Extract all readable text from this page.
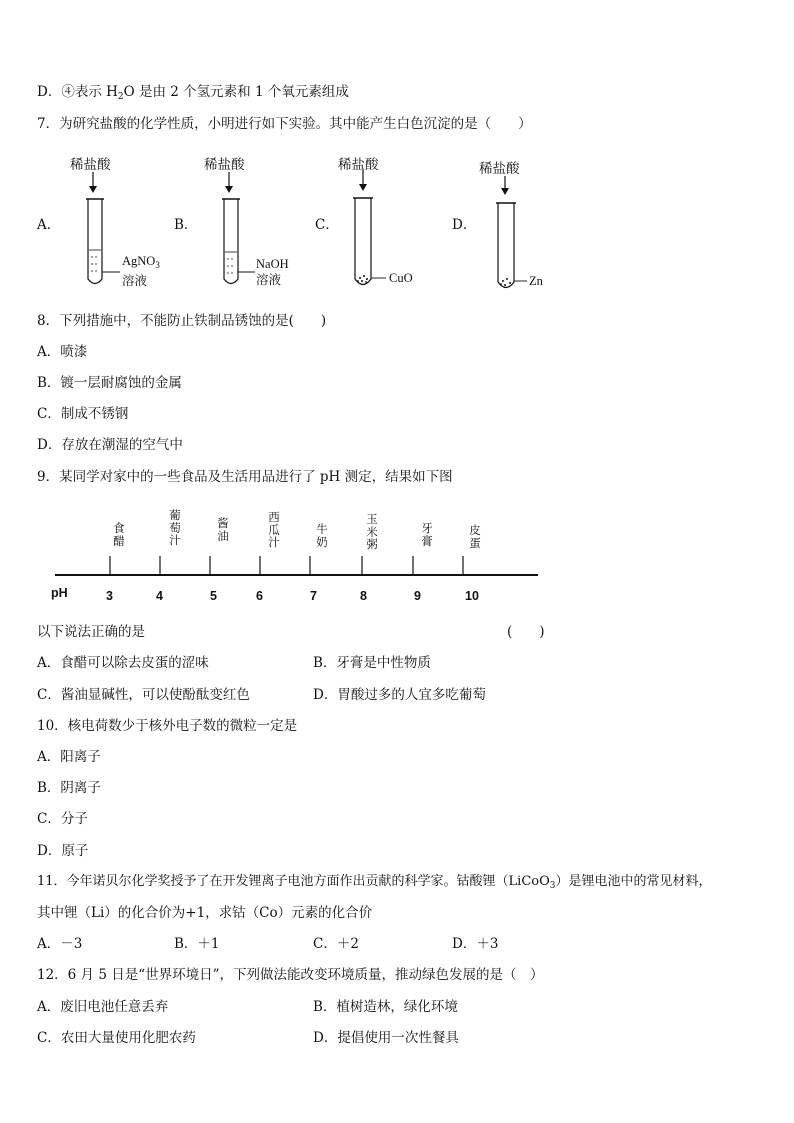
D．④表示 $H_2O$ 是由 2 个氢元素和 1 个氧元素组成
7．为研究盐酸的化学性质，小明进行如下实验。其中能产生白色沉淀的是（　　）
A．	B．	C．	D．
稀盐酸	稀盐酸	稀盐酸	稀盐酸
AgNO$_3$
溶液
NaOH
溶液	CuO	Zn
8．下列措施中，不能防止铁制品锈蚀的是(　　)
A．喷漆
B．镀一层耐腐蚀的金属
C．制成不锈钢
D．存放在潮湿的空气中
9．某同学对家中的一些食品及生活用品进行了 pH 测定，结果如下图
食
醋
葡
萄
汁
酱
油
西
瓜
汁
牛
奶
玉
米
粥
牙
膏
皮
蛋
pH	3	4	5	6	7	8	9	10
以下说法正确的是	(　　)
A．食醋可以除去皮蛋的涩味	B．牙膏是中性物质
C．酱油显碱性，可以使酚酞变红色	D．胃酸过多的人宜多吃葡萄
10．核电荷数少于核外电子数的微粒一定是
A．阳离子
B．阴离子
C．分子
D．原子
11．今年诺贝尔化学奖授予了在开发锂离子电池方面作出贡献的科学家。钴酸锂（LiCoO$_3$）是锂电池中的常见材料，
其中锂（Li）的化合价为+1，求钴（Co）元素的化合价
A．－3	B．＋1	C．＋2	D．＋3
12．6 月 5 日是“世界环境日”，下列做法能改变环境质量，推动绿色发展的是（　）
A．废旧电池任意丢弃	B．植树造林，绿化环境
C．农田大量使用化肥农药	D．提倡使用一次性餐具
